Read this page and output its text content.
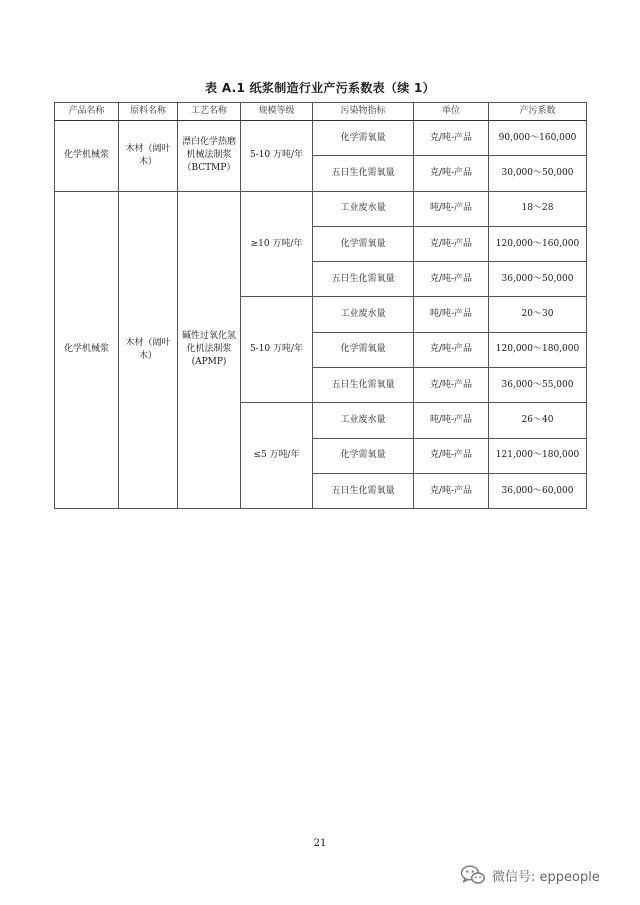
表 A.1 纸浆制造行业产污系数表（续 1）
产品名称	原料名称	工艺名称	规模等级	污染物指标	单位	产污系数
化学机械浆	木材（阔叶木）	漂白化学热磨机械法制浆（BCTMP）	5-10 万吨/年	化学需氧量	克/吨-产品	90,000～160,000
				五日生化需氧量	克/吨-产品	30,000～50,000
化学机械浆	木材（阔叶木）	碱性过氧化氢化机法制浆(APMP)	≥10 万吨/年	工业废水量	吨/吨-产品	18～28
				化学需氧量	克/吨-产品	120,000～160,000
				五日生化需氧量	克/吨-产品	36,000～50,000
			5-10 万吨/年	工业废水量	吨/吨-产品	20～30
				化学需氧量	克/吨-产品	120,000～180,000
				五日生化需氧量	克/吨-产品	36,000～55,000
			≤5 万吨/年	工业废水量	吨/吨-产品	26～40
				化学需氧量	克/吨-产品	121,000～180,000
				五日生化需氧量	克/吨-产品	36,000～60,000
21
微信号: eppeople
